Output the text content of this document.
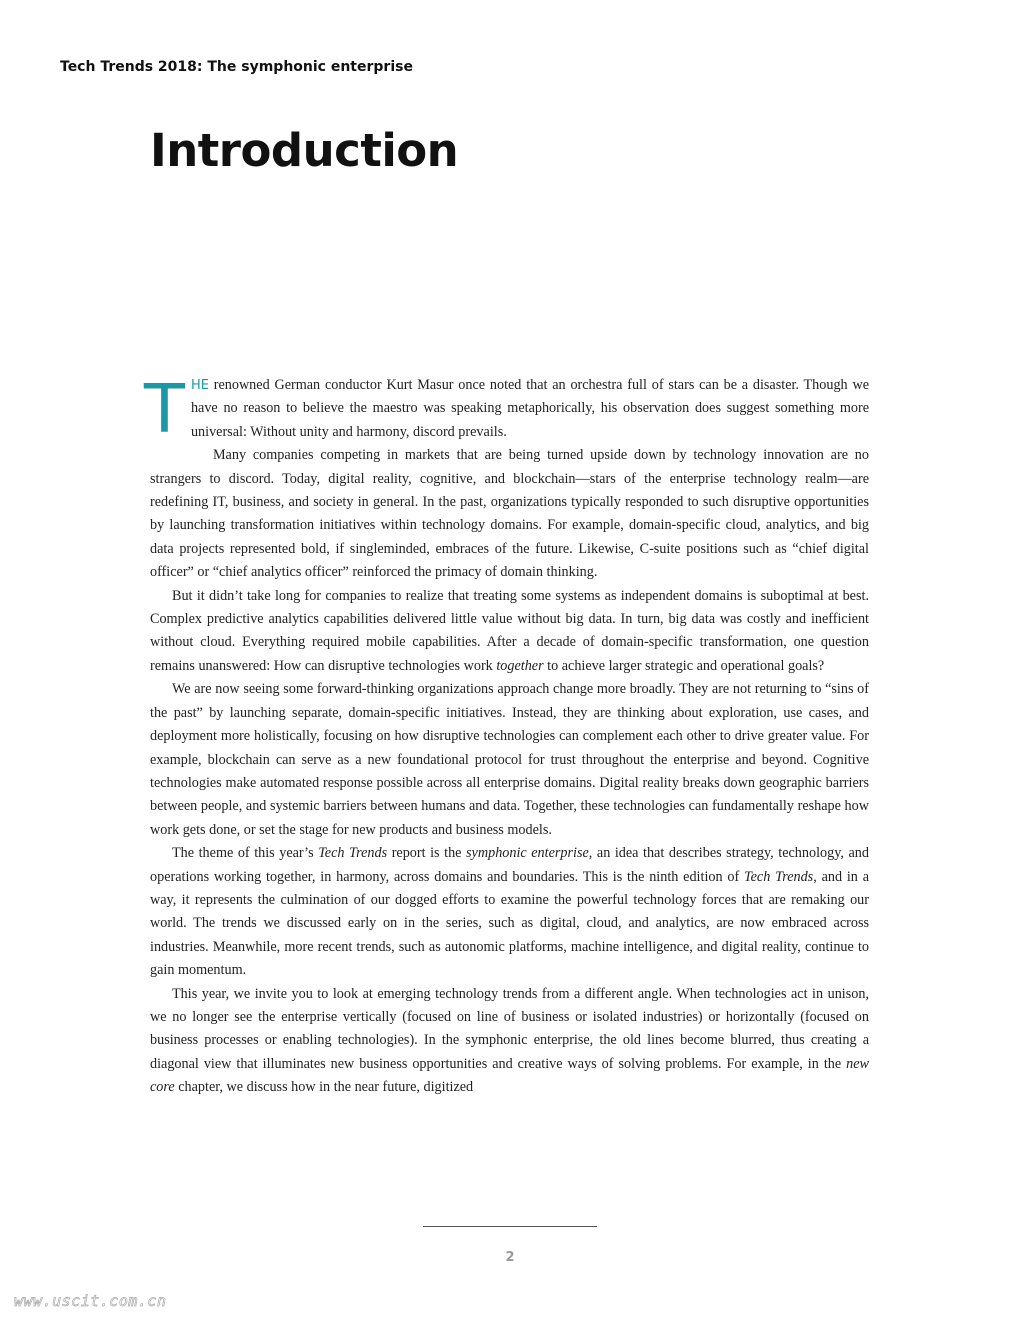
Tech Trends 2018: The symphonic enterprise
Introduction

THE renowned German conductor Kurt Masur once noted that an orchestra full of stars can be a disaster. Though we have no reason to believe the maestro was speaking metaphorically, his observation does suggest something more universal: Without unity and harmony, discord prevails.

Many companies competing in markets that are being turned upside down by technology innovation are no strangers to discord. Today, digital reality, cognitive, and blockchain—stars of the enterprise technology realm—are redefining IT, business, and society in general. In the past, organizations typically responded to such disruptive opportunities by launching transformation initiatives within technology domains. For example, domain-specific cloud, analytics, and big data projects represented bold, if singleminded, embraces of the future. Likewise, C-suite positions such as “chief digital officer” or “chief analytics officer” reinforced the primacy of domain thinking.

But it didn’t take long for companies to realize that treating some systems as independent domains is suboptimal at best. Complex predictive analytics capabilities delivered little value without big data. In turn, big data was costly and inefficient without cloud. Everything required mobile capabilities. After a decade of domain-specific transformation, one question remains unanswered: How can disruptive technologies work together to achieve larger strategic and operational goals?

We are now seeing some forward-thinking organizations approach change more broadly. They are not returning to “sins of the past” by launching separate, domain-specific initiatives. Instead, they are thinking about exploration, use cases, and deployment more holistically, focusing on how disruptive technologies can complement each other to drive greater value. For example, blockchain can serve as a new foundational protocol for trust throughout the enterprise and beyond. Cognitive technologies make automated response possible across all enterprise domains. Digital reality breaks down geographic barriers between people, and systemic barriers between humans and data. Together, these technologies can fundamentally reshape how work gets done, or set the stage for new products and business models.

The theme of this year’s Tech Trends report is the symphonic enterprise, an idea that describes strategy, technology, and operations working together, in harmony, across domains and boundaries. This is the ninth edition of Tech Trends, and in a way, it represents the culmination of our dogged efforts to examine the powerful technology forces that are remaking our world. The trends we discussed early on in the series, such as digital, cloud, and analytics, are now embraced across industries. Meanwhile, more recent trends, such as autonomic platforms, machine intelligence, and digital reality, continue to gain momentum.

This year, we invite you to look at emerging technology trends from a different angle. When technologies act in unison, we no longer see the enterprise vertically (focused on line of business or isolated industries) or horizontally (focused on business processes or enabling technologies). In the symphonic enterprise, the old lines become blurred, thus creating a diagonal view that illuminates new business opportunities and creative ways of solving problems. For example, in the new core chapter, we discuss how in the near future, digitized

2
www.uscit.com.cn
